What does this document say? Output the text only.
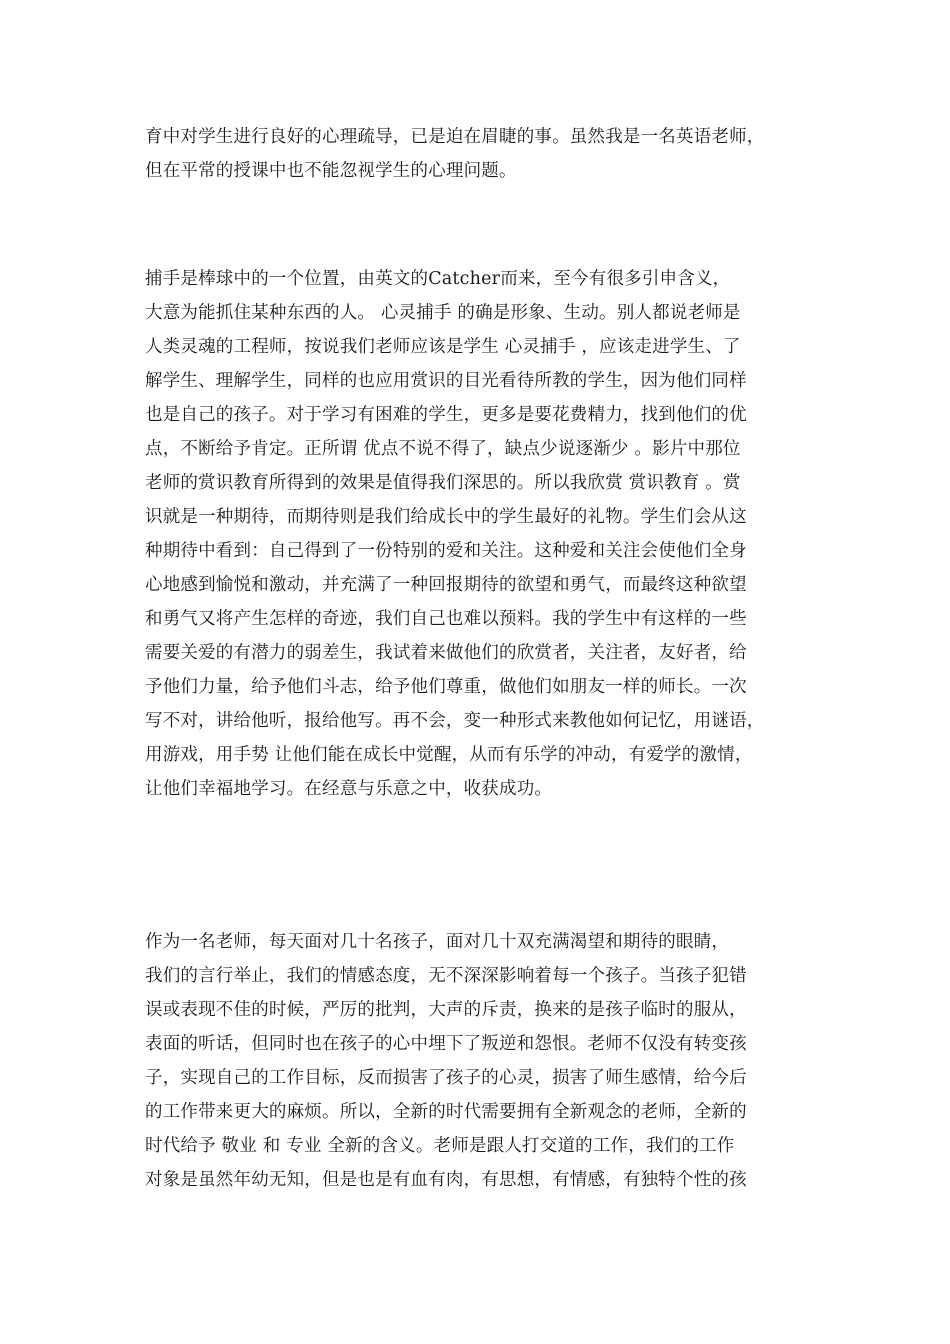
育中对学生进行良好的心理疏导，已是迫在眉睫的事。虽然我是一名英语老师，
但在平常的授课中也不能忽视学生的心理问题。
捕手是棒球中的一个位置，由英文的Catcher而来，至今有很多引申含义，
大意为能抓住某种东西的人。 心灵捕手 的确是形象、生动。别人都说老师是
人类灵魂的工程师，按说我们老师应该是学生 心灵捕手 ，应该走进学生、了
解学生、理解学生，同样的也应用赏识的目光看待所教的学生，因为他们同样
也是自己的孩子。对于学习有困难的学生，更多是要花费精力，找到他们的优
点，不断给予肯定。正所谓 优点不说不得了，缺点少说逐渐少 。影片中那位
老师的赏识教育所得到的效果是值得我们深思的。所以我欣赏 赏识教育 。赏
识就是一种期待，而期待则是我们给成长中的学生最好的礼物。学生们会从这
种期待中看到：自己得到了一份特别的爱和关注。这种爱和关注会使他们全身
心地感到愉悦和激动，并充满了一种回报期待的欲望和勇气，而最终这种欲望
和勇气又将产生怎样的奇迹，我们自己也难以预料。我的学生中有这样的一些
需要关爱的有潜力的弱差生，我试着来做他们的欣赏者，关注者，友好者，给
予他们力量，给予他们斗志，给予他们尊重，做他们如朋友一样的师长。一次
写不对，讲给他听，报给他写。再不会，变一种形式来教他如何记忆，用谜语，
用游戏，用手势 让他们能在成长中觉醒，从而有乐学的冲动，有爱学的激情，
让他们幸福地学习。在经意与乐意之中，收获成功。
作为一名老师，每天面对几十名孩子，面对几十双充满渴望和期待的眼睛，
我们的言行举止，我们的情感态度，无不深深影响着每一个孩子。当孩子犯错
误或表现不佳的时候，严厉的批判，大声的斥责，换来的是孩子临时的服从，
表面的听话，但同时也在孩子的心中埋下了叛逆和怨恨。老师不仅没有转变孩
子，实现自己的工作目标，反而损害了孩子的心灵，损害了师生感情，给今后
的工作带来更大的麻烦。所以，全新的时代需要拥有全新观念的老师，全新的
时代给予 敬业 和 专业 全新的含义。老师是跟人打交道的工作，我们的工作
对象是虽然年幼无知，但是也是有血有肉，有思想，有情感，有独特个性的孩
